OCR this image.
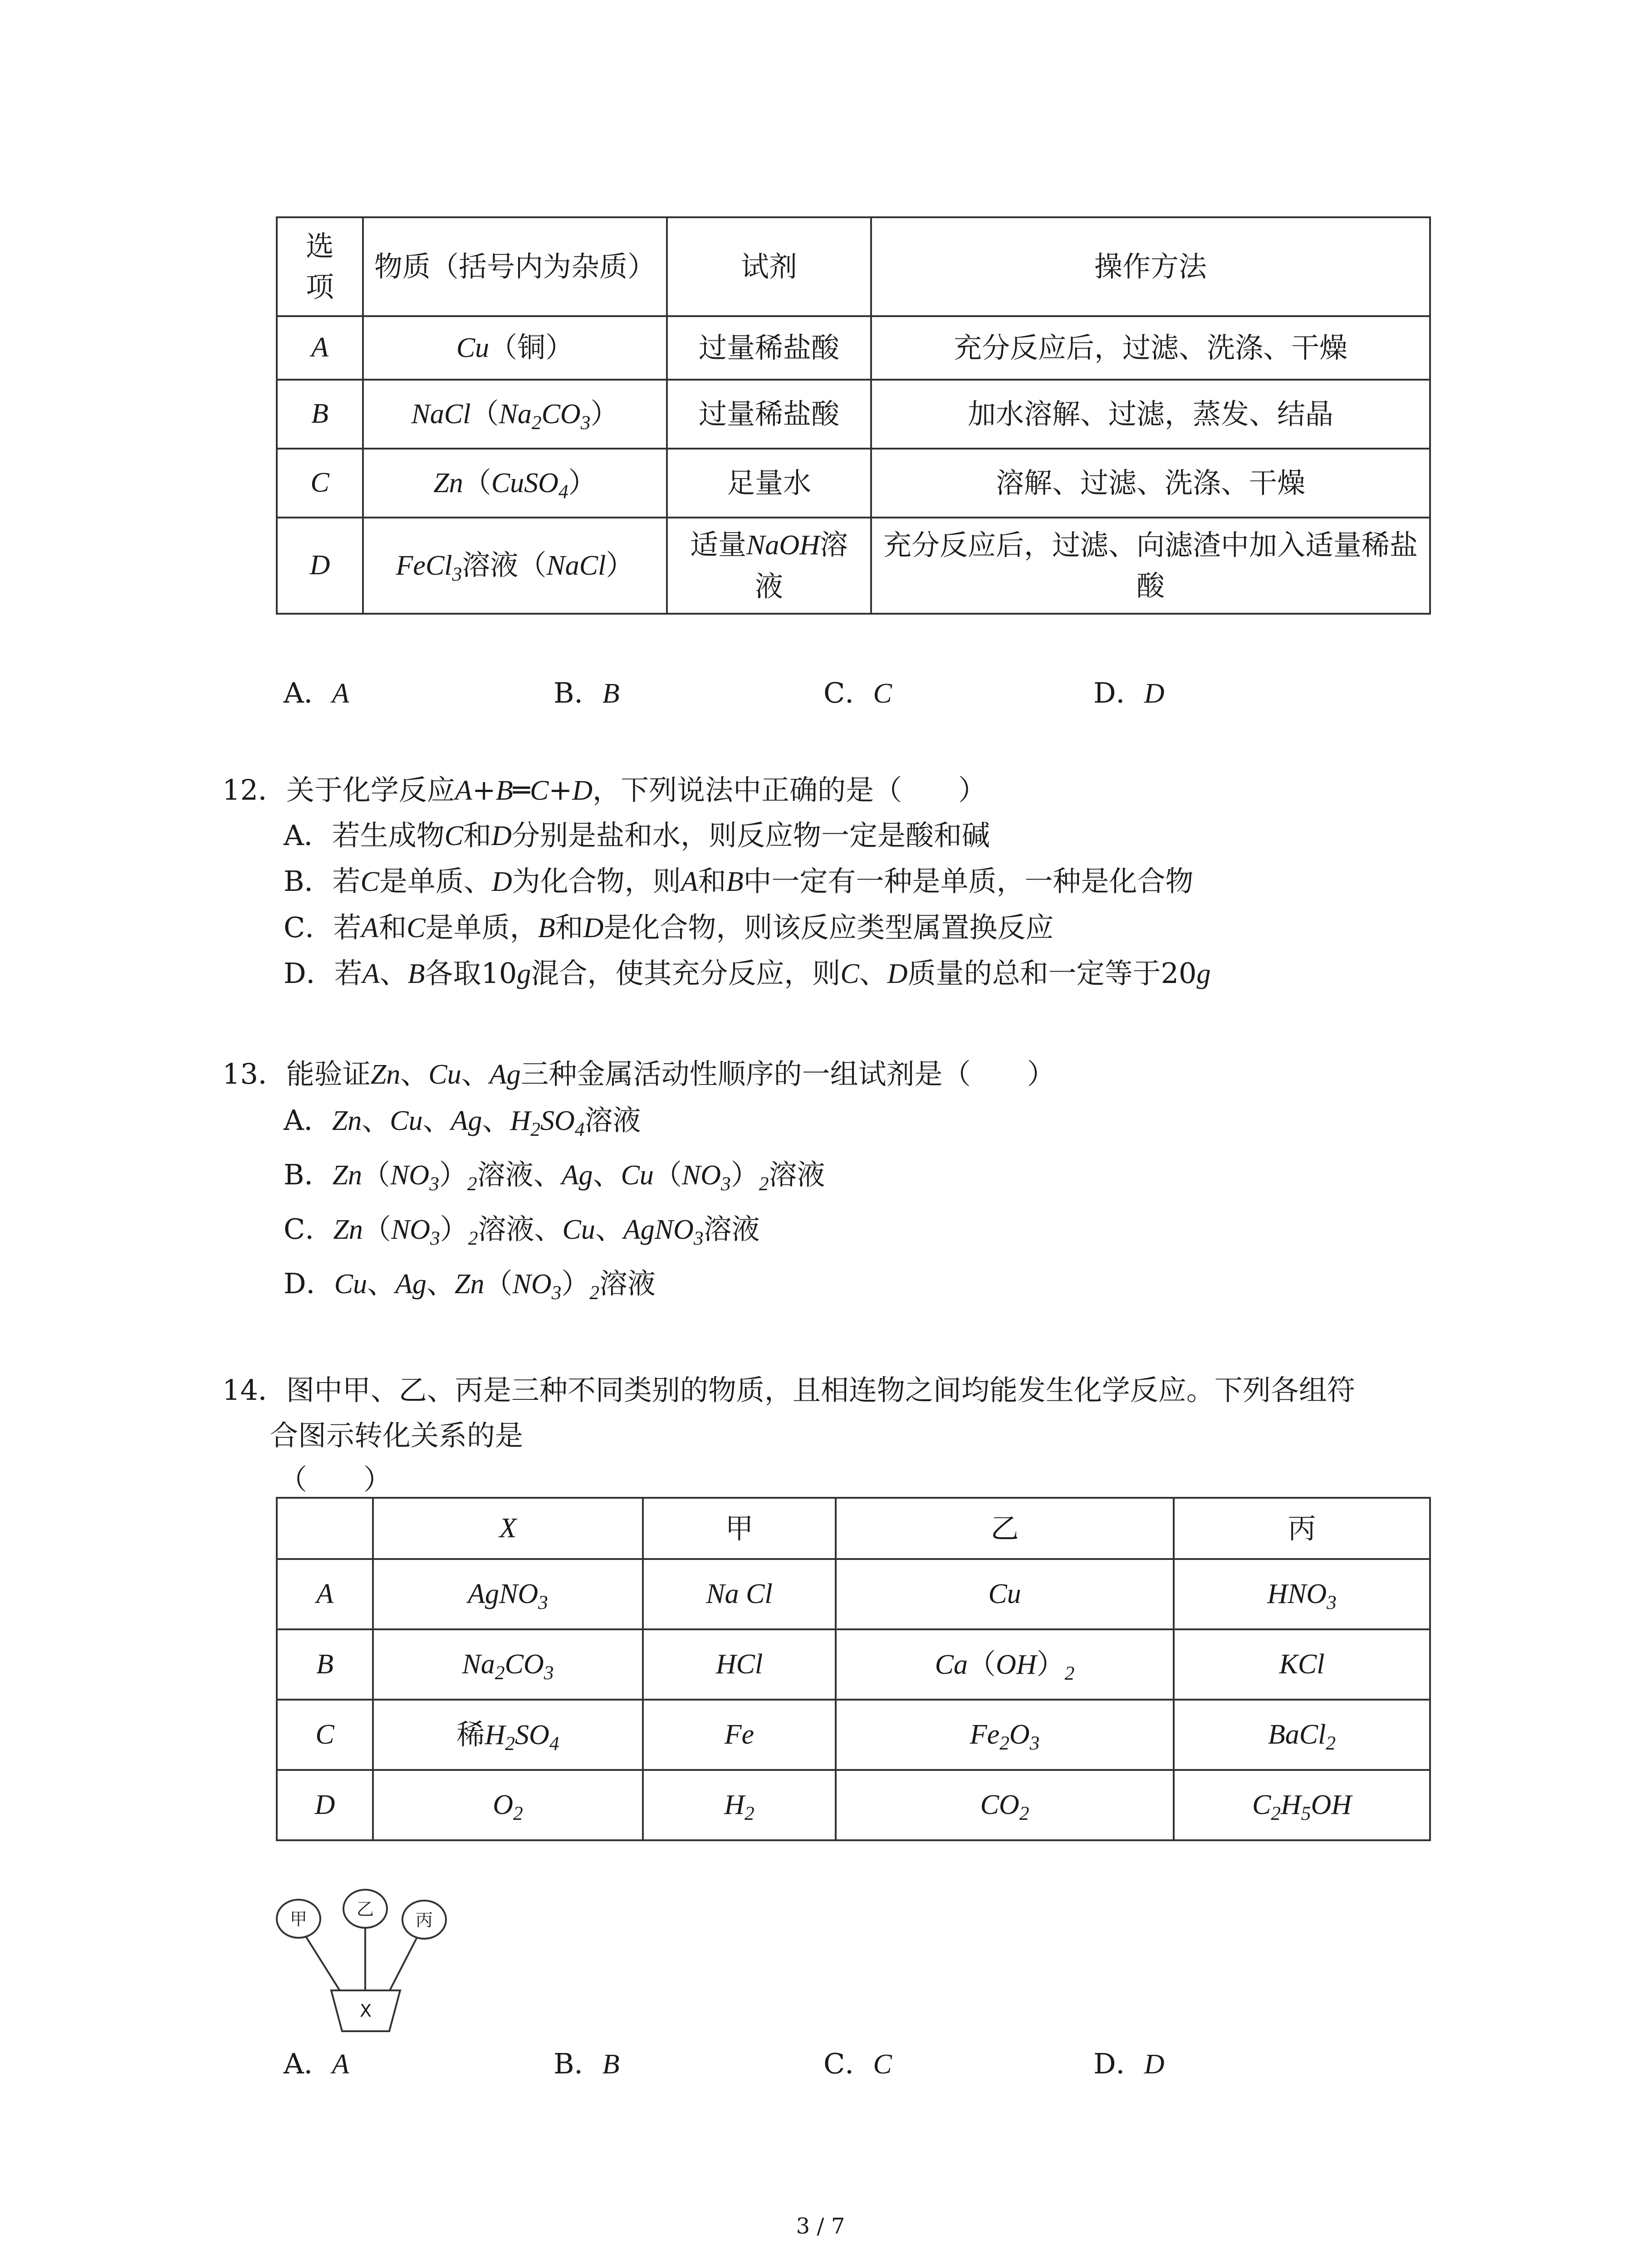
选项	物质（括号内为杂质）	试剂	操作方法
A	Cu（铜）	过量稀盐酸	充分反应后，过滤、洗涤、干燥
B	$NaCl(Na_2CO_3)$	过量稀盐酸	加水溶解、过滤，蒸发、结晶
C	Zn（CuSO$_4$）	足量水	溶解、过滤、洗涤、干燥
D	FeCl$_3$溶液（NaCl）	适量NaOH溶液	充分反应后，过滤、向滤渣中加入适量稀盐酸
A．A	B．B	C．C	D．D
12．关于化学反应A+B═C+D，下列说法中正确的是（　　）
A．若生成物C和D分别是盐和水，则反应物一定是酸和碱
B．若C是单质、D为化合物，则A和B中一定有一种是单质，一种是化合物
C．若A和C是单质，B和D是化合物，则该反应类型属置换反应
D．若A、B各取10g混合，使其充分反应，则C、D质量的总和一定等于20g
13．能验证Zn、Cu、Ag三种金属活动性顺序的一组试剂是（　　）
A．Zn、Cu、Ag、$H_2SO_4$溶液
B．$Zn(NO_3)_2$溶液、Ag、$Cu(NO_3)_2$溶液
C．$Zn(NO_3)_2$溶液、Cu、AgNO$_3$溶液
D．Cu、Ag、$Zn(NO_3)_2$溶液
14．图中甲、乙、丙是三种不同类别的物质，且相连物之间均能发生化学反应。下列各组符
合图示转化关系的是
（　　）
	X	甲	乙	丙
A	AgNO$_3$	Na Cl	Cu	$HNO_3$
B	$Na_2CO_3$	HCl	$Ca(OH)_2$	KCl
C	稀$H_2SO_4$	Fe	$Fe_2O_3$	BaCl$_2$
D	$O_2$	$H_2$	$CO_2$	$C_2H_5OH$
甲	乙
丙
X
A．A	B．B	C．C	D．D
3 / 7
